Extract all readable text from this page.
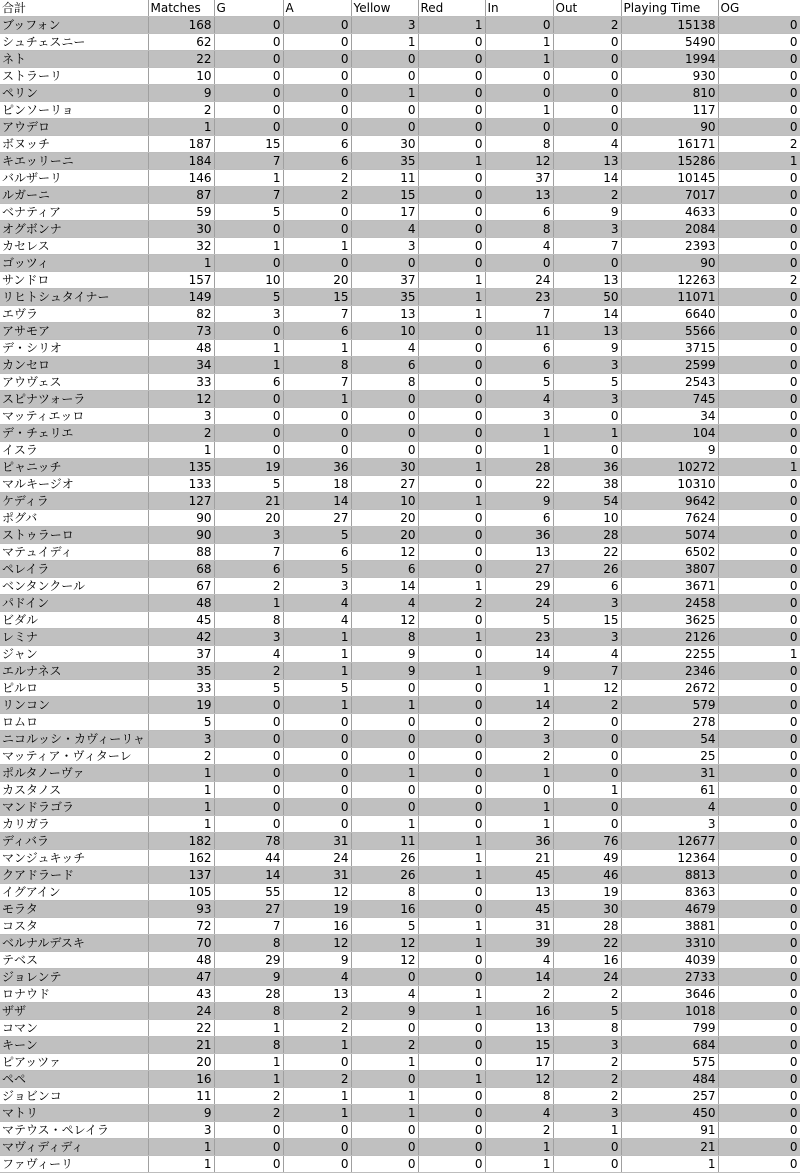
合計	Matches	G	A	Yellow	Red	In	Out	Playing Time	OG
ブッフォン	168	0	0	3	1	0	2	15138	0
シュチェスニー	62	0	0	1	0	1	0	5490	0
ネト	22	0	0	0	0	1	0	1994	0
ストラーリ	10	0	0	0	0	0	0	930	0
ペリン	9	0	0	1	0	0	0	810	0
ピンソーリョ	2	0	0	0	0	1	0	117	0
アウデロ	1	0	0	0	0	0	0	90	0
ボヌッチ	187	15	6	30	0	8	4	16171	2
キエッリーニ	184	7	6	35	1	12	13	15286	1
バルザーリ	146	1	2	11	0	37	14	10145	0
ルガーニ	87	7	2	15	0	13	2	7017	0
ベナティア	59	5	0	17	0	6	9	4633	0
オグボンナ	30	0	0	4	0	8	3	2084	0
カセレス	32	1	1	3	0	4	7	2393	0
ゴッツィ	1	0	0	0	0	0	0	90	0
サンドロ	157	10	20	37	1	24	13	12263	2
リヒトシュタイナー	149	5	15	35	1	23	50	11071	0
エヴラ	82	3	7	13	1	7	14	6640	0
アサモア	73	0	6	10	0	11	13	5566	0
デ・シリオ	48	1	1	4	0	6	9	3715	0
カンセロ	34	1	8	6	0	6	3	2599	0
アウヴェス	33	6	7	8	0	5	5	2543	0
スピナツォーラ	12	0	1	0	0	4	3	745	0
マッティエッロ	3	0	0	0	0	3	0	34	0
デ・チェリエ	2	0	0	0	0	1	1	104	0
イスラ	1	0	0	0	0	1	0	9	0
ピャニッチ	135	19	36	30	1	28	36	10272	1
マルキージオ	133	5	18	27	0	22	38	10310	0
ケディラ	127	21	14	10	1	9	54	9642	0
ポグバ	90	20	27	20	0	6	10	7624	0
ストゥラーロ	90	3	5	20	0	36	28	5074	0
マテュイディ	88	7	6	12	0	13	22	6502	0
ペレイラ	68	6	5	6	0	27	26	3807	0
ベンタンクール	67	2	3	14	1	29	6	3671	0
パドイン	48	1	4	4	2	24	3	2458	0
ビダル	45	8	4	12	0	5	15	3625	0
レミナ	42	3	1	8	1	23	3	2126	0
ジャン	37	4	1	9	0	14	4	2255	1
エルナネス	35	2	1	9	1	9	7	2346	0
ピルロ	33	5	5	0	0	1	12	2672	0
リンコン	19	0	1	1	0	14	2	579	0
ロムロ	5	0	0	0	0	2	0	278	0
ニコルッシ・カヴィーリャ	3	0	0	0	0	3	0	54	0
マッティア・ヴィターレ	2	0	0	0	0	2	0	25	0
ポルタノーヴァ	1	0	0	1	0	1	0	31	0
カスタノス	1	0	0	0	0	0	1	61	0
マンドラゴラ	1	0	0	0	0	1	0	4	0
カリガラ	1	0	0	1	0	1	0	3	0
ディバラ	182	78	31	11	1	36	76	12677	0
マンジュキッチ	162	44	24	26	1	21	49	12364	0
クアドラード	137	14	31	26	1	45	46	8813	0
イグアイン	105	55	12	8	0	13	19	8363	0
モラタ	93	27	19	16	0	45	30	4679	0
コスタ	72	7	16	5	1	31	28	3881	0
ベルナルデスキ	70	8	12	12	1	39	22	3310	0
テベス	48	29	9	12	0	4	16	4039	0
ジョレンテ	47	9	4	0	0	14	24	2733	0
ロナウド	43	28	13	4	1	2	2	3646	0
ザザ	24	8	2	9	1	16	5	1018	0
コマン	22	1	2	0	0	13	8	799	0
キーン	21	8	1	2	0	15	3	684	0
ピアッツァ	20	1	0	1	0	17	2	575	0
ペペ	16	1	2	0	1	12	2	484	0
ジョビンコ	11	2	1	1	0	8	2	257	0
マトリ	9	2	1	1	0	4	3	450	0
マテウス・ペレイラ	3	0	0	0	0	2	1	91	0
マヴィディディ	1	0	0	0	0	1	0	21	0
ファヴィーリ	1	0	0	0	0	1	0	1	0
